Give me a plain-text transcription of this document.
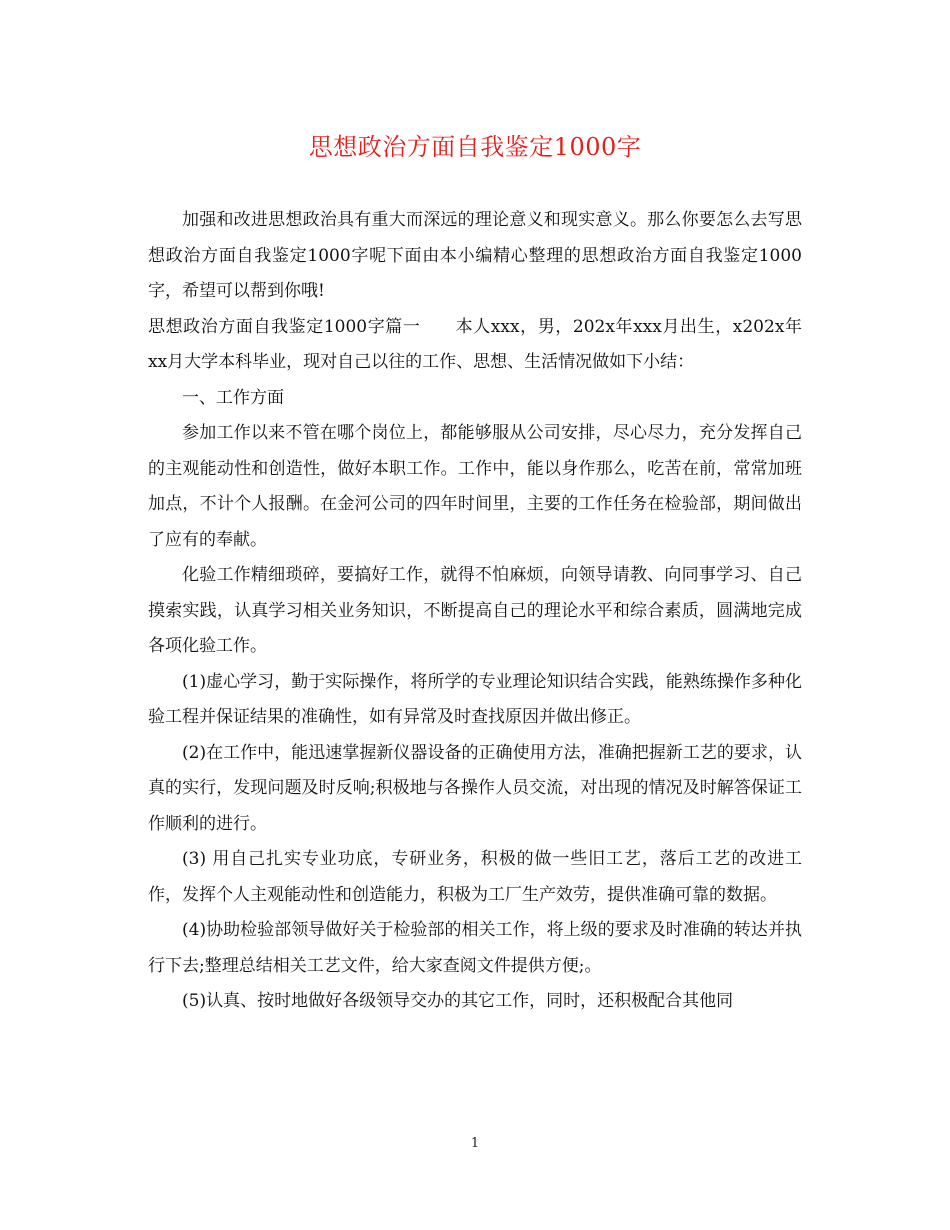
思想政治方面自我鉴定1000字

加强和改进思想政治具有重大而深远的理论意义和现实意义。那么你要怎么去写思想政治方面自我鉴定1000字呢下面由本小编精心整理的思想政治方面自我鉴定1000字，希望可以帮到你哦!

思想政治方面自我鉴定1000字篇一　　本人xxx，男，202x年xxx月出生，x202x年xx月大学本科毕业，现对自己以往的工作、思想、生活情况做如下小结：

一、工作方面

参加工作以来不管在哪个岗位上，都能够服从公司安排，尽心尽力，充分发挥自己的主观能动性和创造性，做好本职工作。工作中，能以身作那么，吃苦在前，常常加班加点，不计个人报酬。在金河公司的四年时间里，主要的工作任务在检验部，期间做出了应有的奉献。

化验工作精细琐碎，要搞好工作，就得不怕麻烦，向领导请教、向同事学习、自己摸索实践，认真学习相关业务知识，不断提高自己的理论水平和综合素质，圆满地完成各项化验工作。

(1)虚心学习，勤于实际操作，将所学的专业理论知识结合实践，能熟练操作多种化验工程并保证结果的准确性，如有异常及时查找原因并做出修正。

(2)在工作中，能迅速掌握新仪器设备的正确使用方法，准确把握新工艺的要求，认真的实行，发现问题及时反响;积极地与各操作人员交流，对出现的情况及时解答保证工作顺利的进行。

(3) 用自己扎实专业功底，专研业务，积极的做一些旧工艺，落后工艺的改进工作，发挥个人主观能动性和创造能力，积极为工厂生产效劳，提供准确可靠的数据。

(4)协助检验部领导做好关于检验部的相关工作，将上级的要求及时准确的转达并执行下去;整理总结相关工艺文件，给大家查阅文件提供方便;。

(5)认真、按时地做好各级领导交办的其它工作，同时，还积极配合其他同

1
